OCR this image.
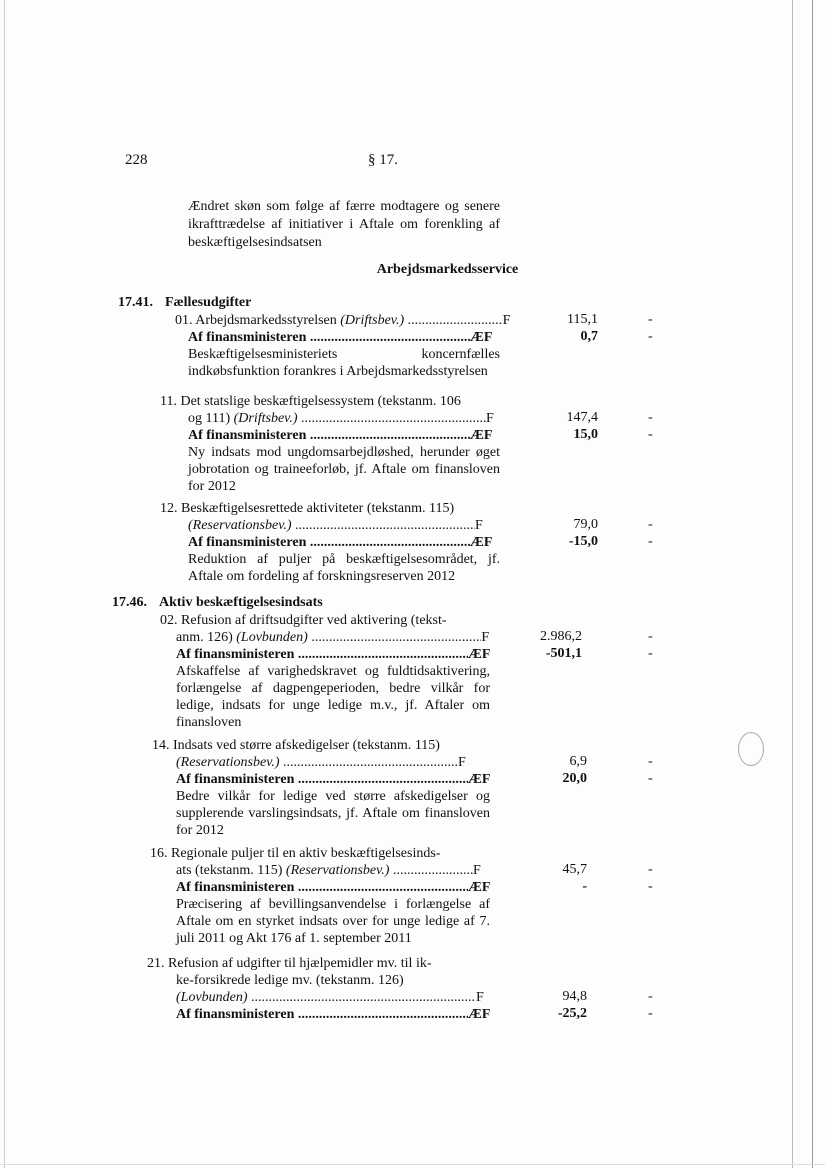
228	§ 17.
Ændret skøn som følge af færre modtagere og senere ikrafttrædelse af initiativer i Aftale om forenkling af beskæftigelsesindsatsen
Arbejdsmarkedsservice
17.41. Fællesudgifter
01. Arbejdsmarkedsstyrelsen (Driftsbev.) .....	F	115,1	-
Af finansministeren .....	ÆF	0,7	-
Beskæftigelsesministeriets koncernfælles indkøbsfunktion forankres i Arbejdsmarkedsstyrelsen
11. Det statslige beskæftigelsessystem (tekstanm. 106
og 111) (Driftsbev.) .....	F	147,4	-
Af finansministeren .....	ÆF	15,0	-
Ny indsats mod ungdomsarbejdløshed, herunder øget jobrotation og traineeforløb, jf. Aftale om finansloven for 2012
12. Beskæftigelsesrettede aktiviteter (tekstanm. 115)
(Reservationsbev.) .....	F	79,0	-
Af finansministeren .....	ÆF	-15,0	-
Reduktion af puljer på beskæftigelsesområdet, jf. Aftale om fordeling af forskningsreserven 2012
17.46. Aktiv beskæftigelsesindsats
02. Refusion af driftsudgifter ved aktivering (tekst-
anm. 126) (Lovbunden) .....	F	2.986,2	-
Af finansministeren .....	ÆF	-501,1	-
Afskaffelse af varighedskravet og fuldtidsaktivering, forlængelse af dagpengeperioden, bedre vilkår for ledige, indsats for unge ledige m.v., jf. Aftaler om finansloven
14. Indsats ved større afskedigelser (tekstanm. 115)
(Reservationsbev.) .....	F	6,9	-
Af finansministeren .....	ÆF	20,0	-
Bedre vilkår for ledige ved større afskedigelser og supplerende varslingsindsats, jf. Aftale om finansloven for 2012
16. Regionale puljer til en aktiv beskæftigelsesinds-
ats (tekstanm. 115) (Reservationsbev.) .....	F	45,7	-
Af finansministeren .....	ÆF	-	-
Præcisering af bevillingsanvendelse i forlængelse af Aftale om en styrket indsats over for unge ledige af 7. juli 2011 og Akt 176 af 1. september 2011
21. Refusion af udgifter til hjælpemidler mv. til ik-
ke-forsikrede ledige mv. (tekstanm. 126)
(Lovbunden) .....	F	94,8	-
Af finansministeren .....	ÆF	-25,2	-
